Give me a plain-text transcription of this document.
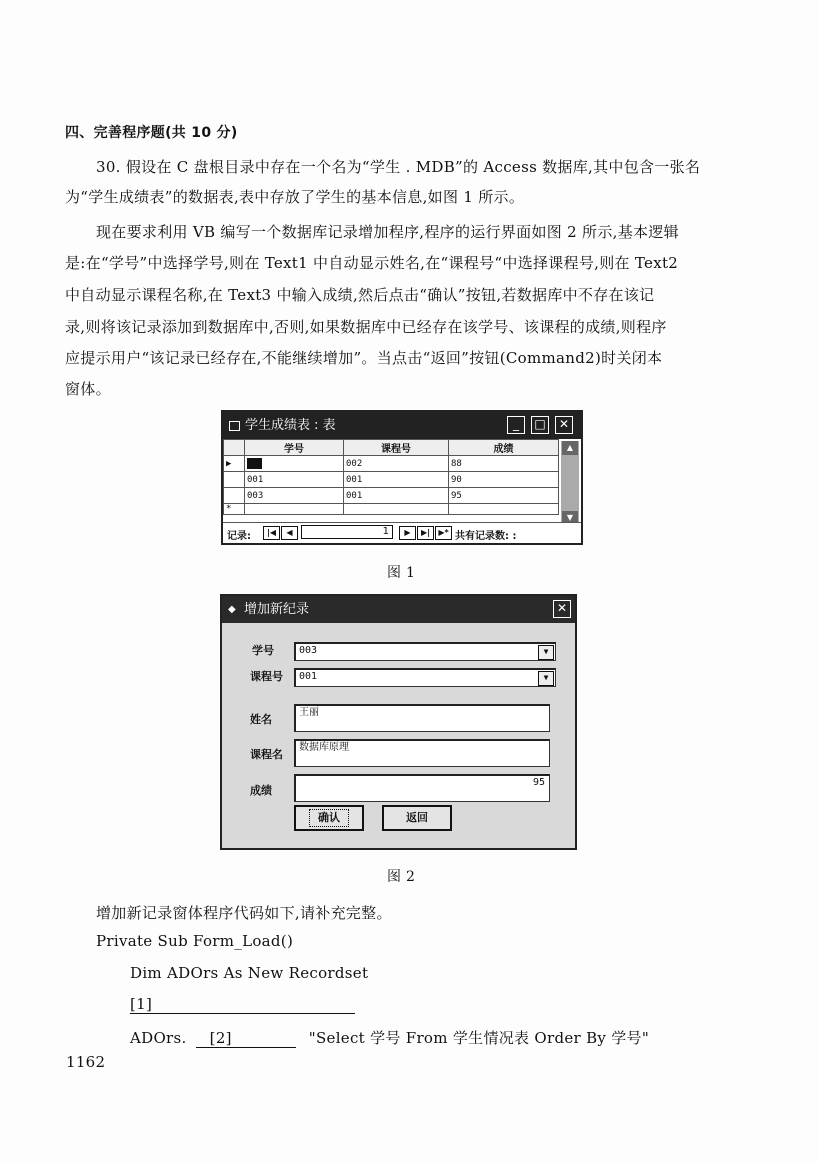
四、完善程序题(共 10 分)
30. 假设在 C 盘根目录中存在一个名为“学生 . MDB”的 Access 数据库,其中包含一张名
为“学生成绩表”的数据表,表中存放了学生的基本信息,如图 1 所示。
现在要求利用 VB 编写一个数据库记录增加程序,程序的运行界面如图 2 所示,基本逻辑
是:在“学号”中选择学号,则在 Text1 中自动显示姓名,在“课程号“中选择课程号,则在 Text2
中自动显示课程名称,在 Text3 中输入成绩,然后点击“确认”按钮,若数据库中不存在该记
录,则将该记录添加到数据库中,否则,如果数据库中已经存在该学号、该课程的成绩,则程序
应提示用户“该记录已经存在,不能继续增加”。当点击“返回”按钮(Command2)时关闭本
窗体。
学生成绩表 : 表	_	□	✕
	学号	课程号	成绩
▶		002	88
	001	001	90
	003	001	95
*			
▲
▼
记录:	|◀	◀	1	▶	▶|	▶* 共有记录数: :
图 1
◆ 增加新纪录	✕
学号	003	▼
课程号	001	▼
姓名
王丽
课程名
数据库原理
成绩
95
确认	返回
图 2
增加新记录窗体程序代码如下,请补充完整。
Private Sub Form_Load()
Dim ADOrs As New Recordset
[1]
ADOrs. [2]	"Select 学号 From 学生情况表 Order By 学号"
1162
